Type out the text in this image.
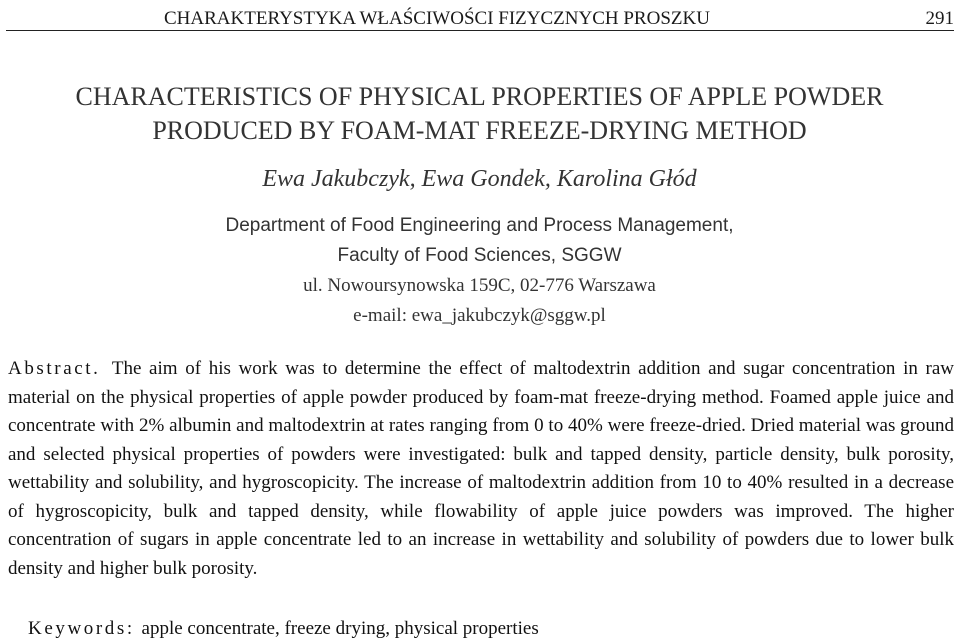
CHARAKTERYSTYKA WŁAŚCIWOŚCI FIZYCZNYCH PROSZKU	291
CHARACTERISTICS OF PHYSICAL PROPERTIES OF APPLE POWDER
PRODUCED BY FOAM-MAT FREEZE-DRYING METHOD
Ewa Jakubczyk, Ewa Gondek, Karolina Głód
Department of Food Engineering and Process Management,
Faculty of Food Sciences, SGGW
ul. Nowoursynowska 159C, 02-776 Warszawa
e-mail: ewa_jakubczyk@sggw.pl
Abstract. The aim of his work was to determine the effect of maltodextrin addition and sugar concentration in raw material on the physical properties of apple powder produced by foam-mat freeze-drying method. Foamed apple juice and concentrate with 2% albumin and maltodextrin at rates ranging from 0 to 40% were freeze-dried. Dried material was ground and selected physical properties of powders were investigated: bulk and tapped density, particle density, bulk porosity, wettability and solubility, and hygroscopicity. The increase of maltodextrin addition from 10 to 40% resulted in a decrease of hygroscopicity, bulk and tapped density, while flowability of apple juice powders was improved. The higher concentration of sugars in apple concentrate led to an increase in wettability and solubility of powders due to lower bulk density and higher bulk porosity.
Keywords: apple concentrate, freeze drying, physical properties
